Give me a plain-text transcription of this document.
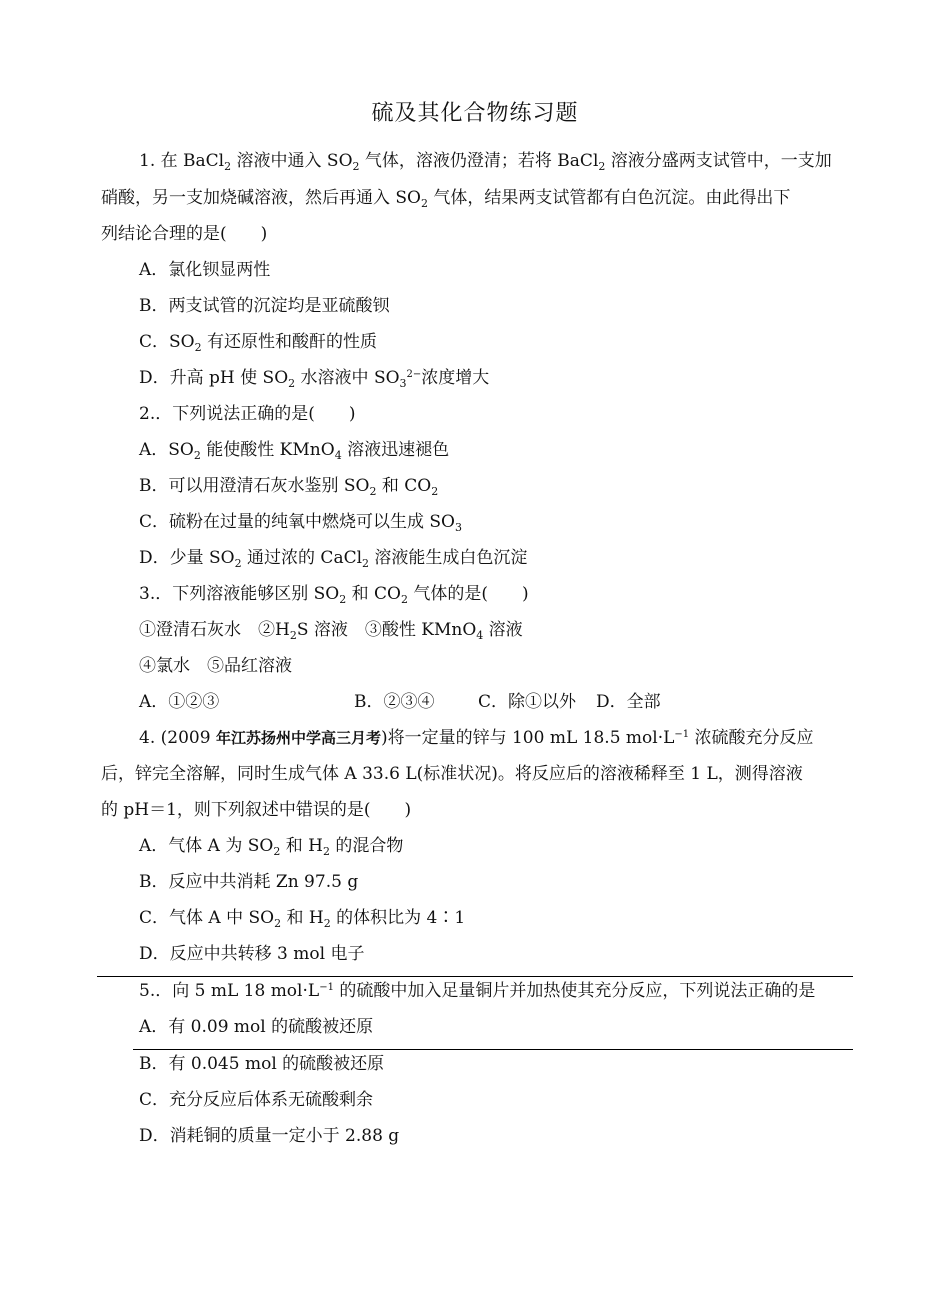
硫及其化合物练习题
1. 在 BaCl$_2$ 溶液中通入 $SO_2$ 气体，溶液仍澄清；若将 BaCl$_2$ 溶液分盛两支试管中，一支加
硝酸，另一支加烧碱溶液，然后再通入 $SO_2$ 气体，结果两支试管都有白色沉淀。由此得出下
列结论合理的是(　　)
A．氯化钡显两性
B．两支试管的沉淀均是亚硫酸钡
C．$SO_2$ 有还原性和酸酐的性质
D．升高 pH 使 $SO_2$ 水溶液中 $SO_3^{2-}$浓度增大
2.．下列说法正确的是(　　)
A．$SO_2$ 能使酸性 KMnO$_4$ 溶液迅速褪色
B．可以用澄清石灰水鉴别 $SO_2$ 和 $CO_2$
C．硫粉在过量的纯氧中燃烧可以生成 $SO_3$
D．少量 $SO_2$ 通过浓的 CaCl$_2$ 溶液能生成白色沉淀
3.．下列溶液能够区别 $SO_2$ 和 $CO_2$ 气体的是(　　)
①澄清石灰水　$②H_2S$ 溶液　③酸性 KMnO$_4$ 溶液
④氯水　⑤品红溶液
A．①②③	B．②③④	C．除①以外 D．全部
4. (2009 年江苏扬州中学高三月考)将一定量的锌与 100 mL 18.5 $mol\cdot L^{-1}$ 浓硫酸充分反应
后，锌完全溶解，同时生成气体 A 33.6 L(标准状况)。将反应后的溶液稀释至 1 L，测得溶液
的 pH＝1，则下列叙述中错误的是(　　)
A．气体 A 为 $SO_2$ 和 $H_2$ 的混合物
B．反应中共消耗 Zn 97.5 g
C．气体 A 中 $SO_2$ 和 $H_2$ 的体积比为 4∶1
D．反应中共转移 3 mol 电子
5.．向 5 mL 18 $mol\cdot L^{-1}$ 的硫酸中加入足量铜片并加热使其充分反应，下列说法正确的是
A．有 0.09 mol 的硫酸被还原
B．有 0.045 mol 的硫酸被还原
C．充分反应后体系无硫酸剩余
D．消耗铜的质量一定小于 2.88 g
